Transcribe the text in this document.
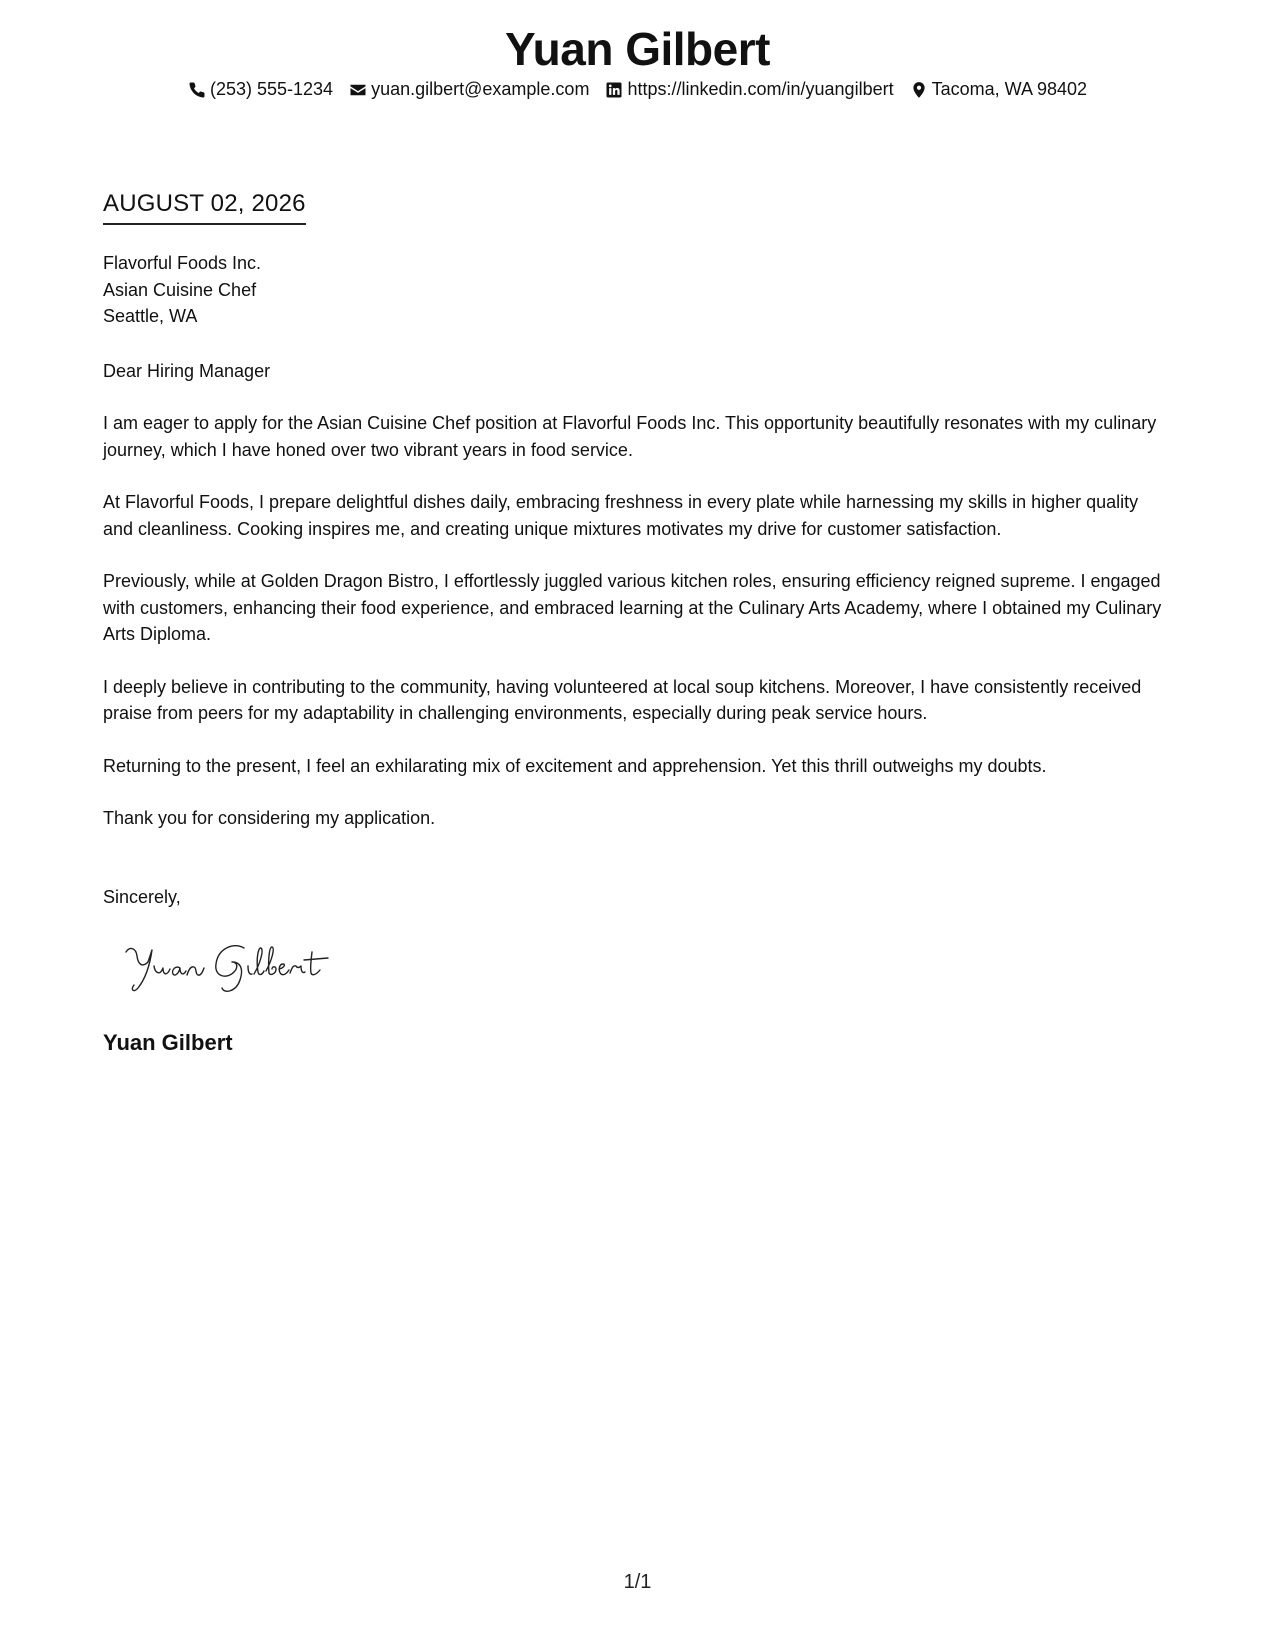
Yuan Gilbert
(253) 555-1234 yuan.gilbert@example.com https://linkedin.com/in/yuangilbert Tacoma, WA 98402
AUGUST 02, 2026
Flavorful Foods Inc.
Asian Cuisine Chef
Seattle, WA
Dear Hiring Manager

I am eager to apply for the Asian Cuisine Chef position at Flavorful Foods Inc. This opportunity beautifully resonates with my culinary journey, which I have honed over two vibrant years in food service.

At Flavorful Foods, I prepare delightful dishes daily, embracing freshness in every plate while harnessing my skills in higher quality and cleanliness. Cooking inspires me, and creating unique mixtures motivates my drive for customer satisfaction.

Previously, while at Golden Dragon Bistro, I effortlessly juggled various kitchen roles, ensuring efficiency reigned supreme. I engaged with customers, enhancing their food experience, and embraced learning at the Culinary Arts Academy, where I obtained my Culinary Arts Diploma.

I deeply believe in contributing to the community, having volunteered at local soup kitchens. Moreover, I have consistently received praise from peers for my adaptability in challenging environments, especially during peak service hours.

Returning to the present, I feel an exhilarating mix of excitement and apprehension. Yet this thrill outweighs my doubts.

Thank you for considering my application.

Sincerely,
Yuan Gilbert
1/1
